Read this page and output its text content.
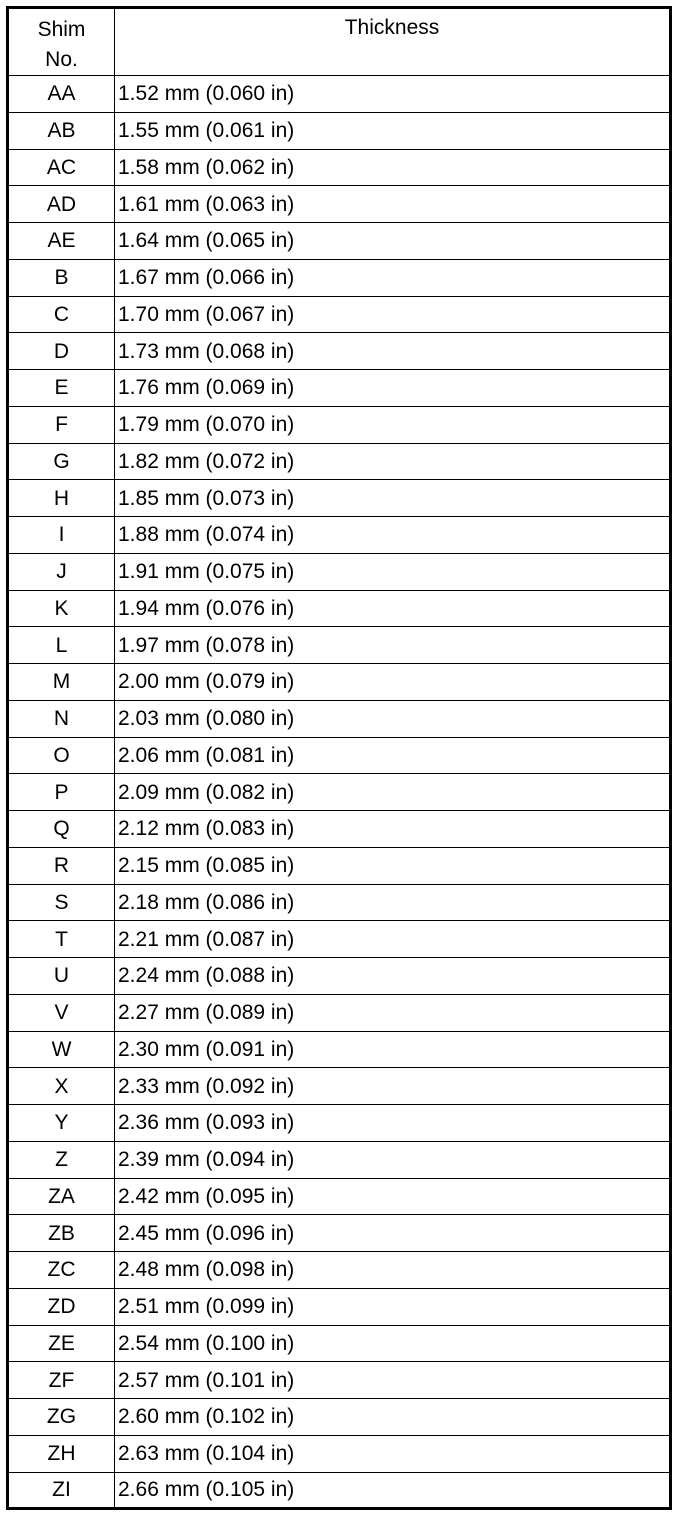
Shim
No.	Thickness
AA	1.52 mm (0.060 in)
AB	1.55 mm (0.061 in)
AC	1.58 mm (0.062 in)
AD	1.61 mm (0.063 in)
AE	1.64 mm (0.065 in)
B	1.67 mm (0.066 in)
C	1.70 mm (0.067 in)
D	1.73 mm (0.068 in)
E	1.76 mm (0.069 in)
F	1.79 mm (0.070 in)
G	1.82 mm (0.072 in)
H	1.85 mm (0.073 in)
I	1.88 mm (0.074 in)
J	1.91 mm (0.075 in)
K	1.94 mm (0.076 in)
L	1.97 mm (0.078 in)
M	2.00 mm (0.079 in)
N	2.03 mm (0.080 in)
O	2.06 mm (0.081 in)
P	2.09 mm (0.082 in)
Q	2.12 mm (0.083 in)
R	2.15 mm (0.085 in)
S	2.18 mm (0.086 in)
T	2.21 mm (0.087 in)
U	2.24 mm (0.088 in)
V	2.27 mm (0.089 in)
W	2.30 mm (0.091 in)
X	2.33 mm (0.092 in)
Y	2.36 mm (0.093 in)
Z	2.39 mm (0.094 in)
ZA	2.42 mm (0.095 in)
ZB	2.45 mm (0.096 in)
ZC	2.48 mm (0.098 in)
ZD	2.51 mm (0.099 in)
ZE	2.54 mm (0.100 in)
ZF	2.57 mm (0.101 in)
ZG	2.60 mm (0.102 in)
ZH	2.63 mm (0.104 in)
ZI	2.66 mm (0.105 in)
